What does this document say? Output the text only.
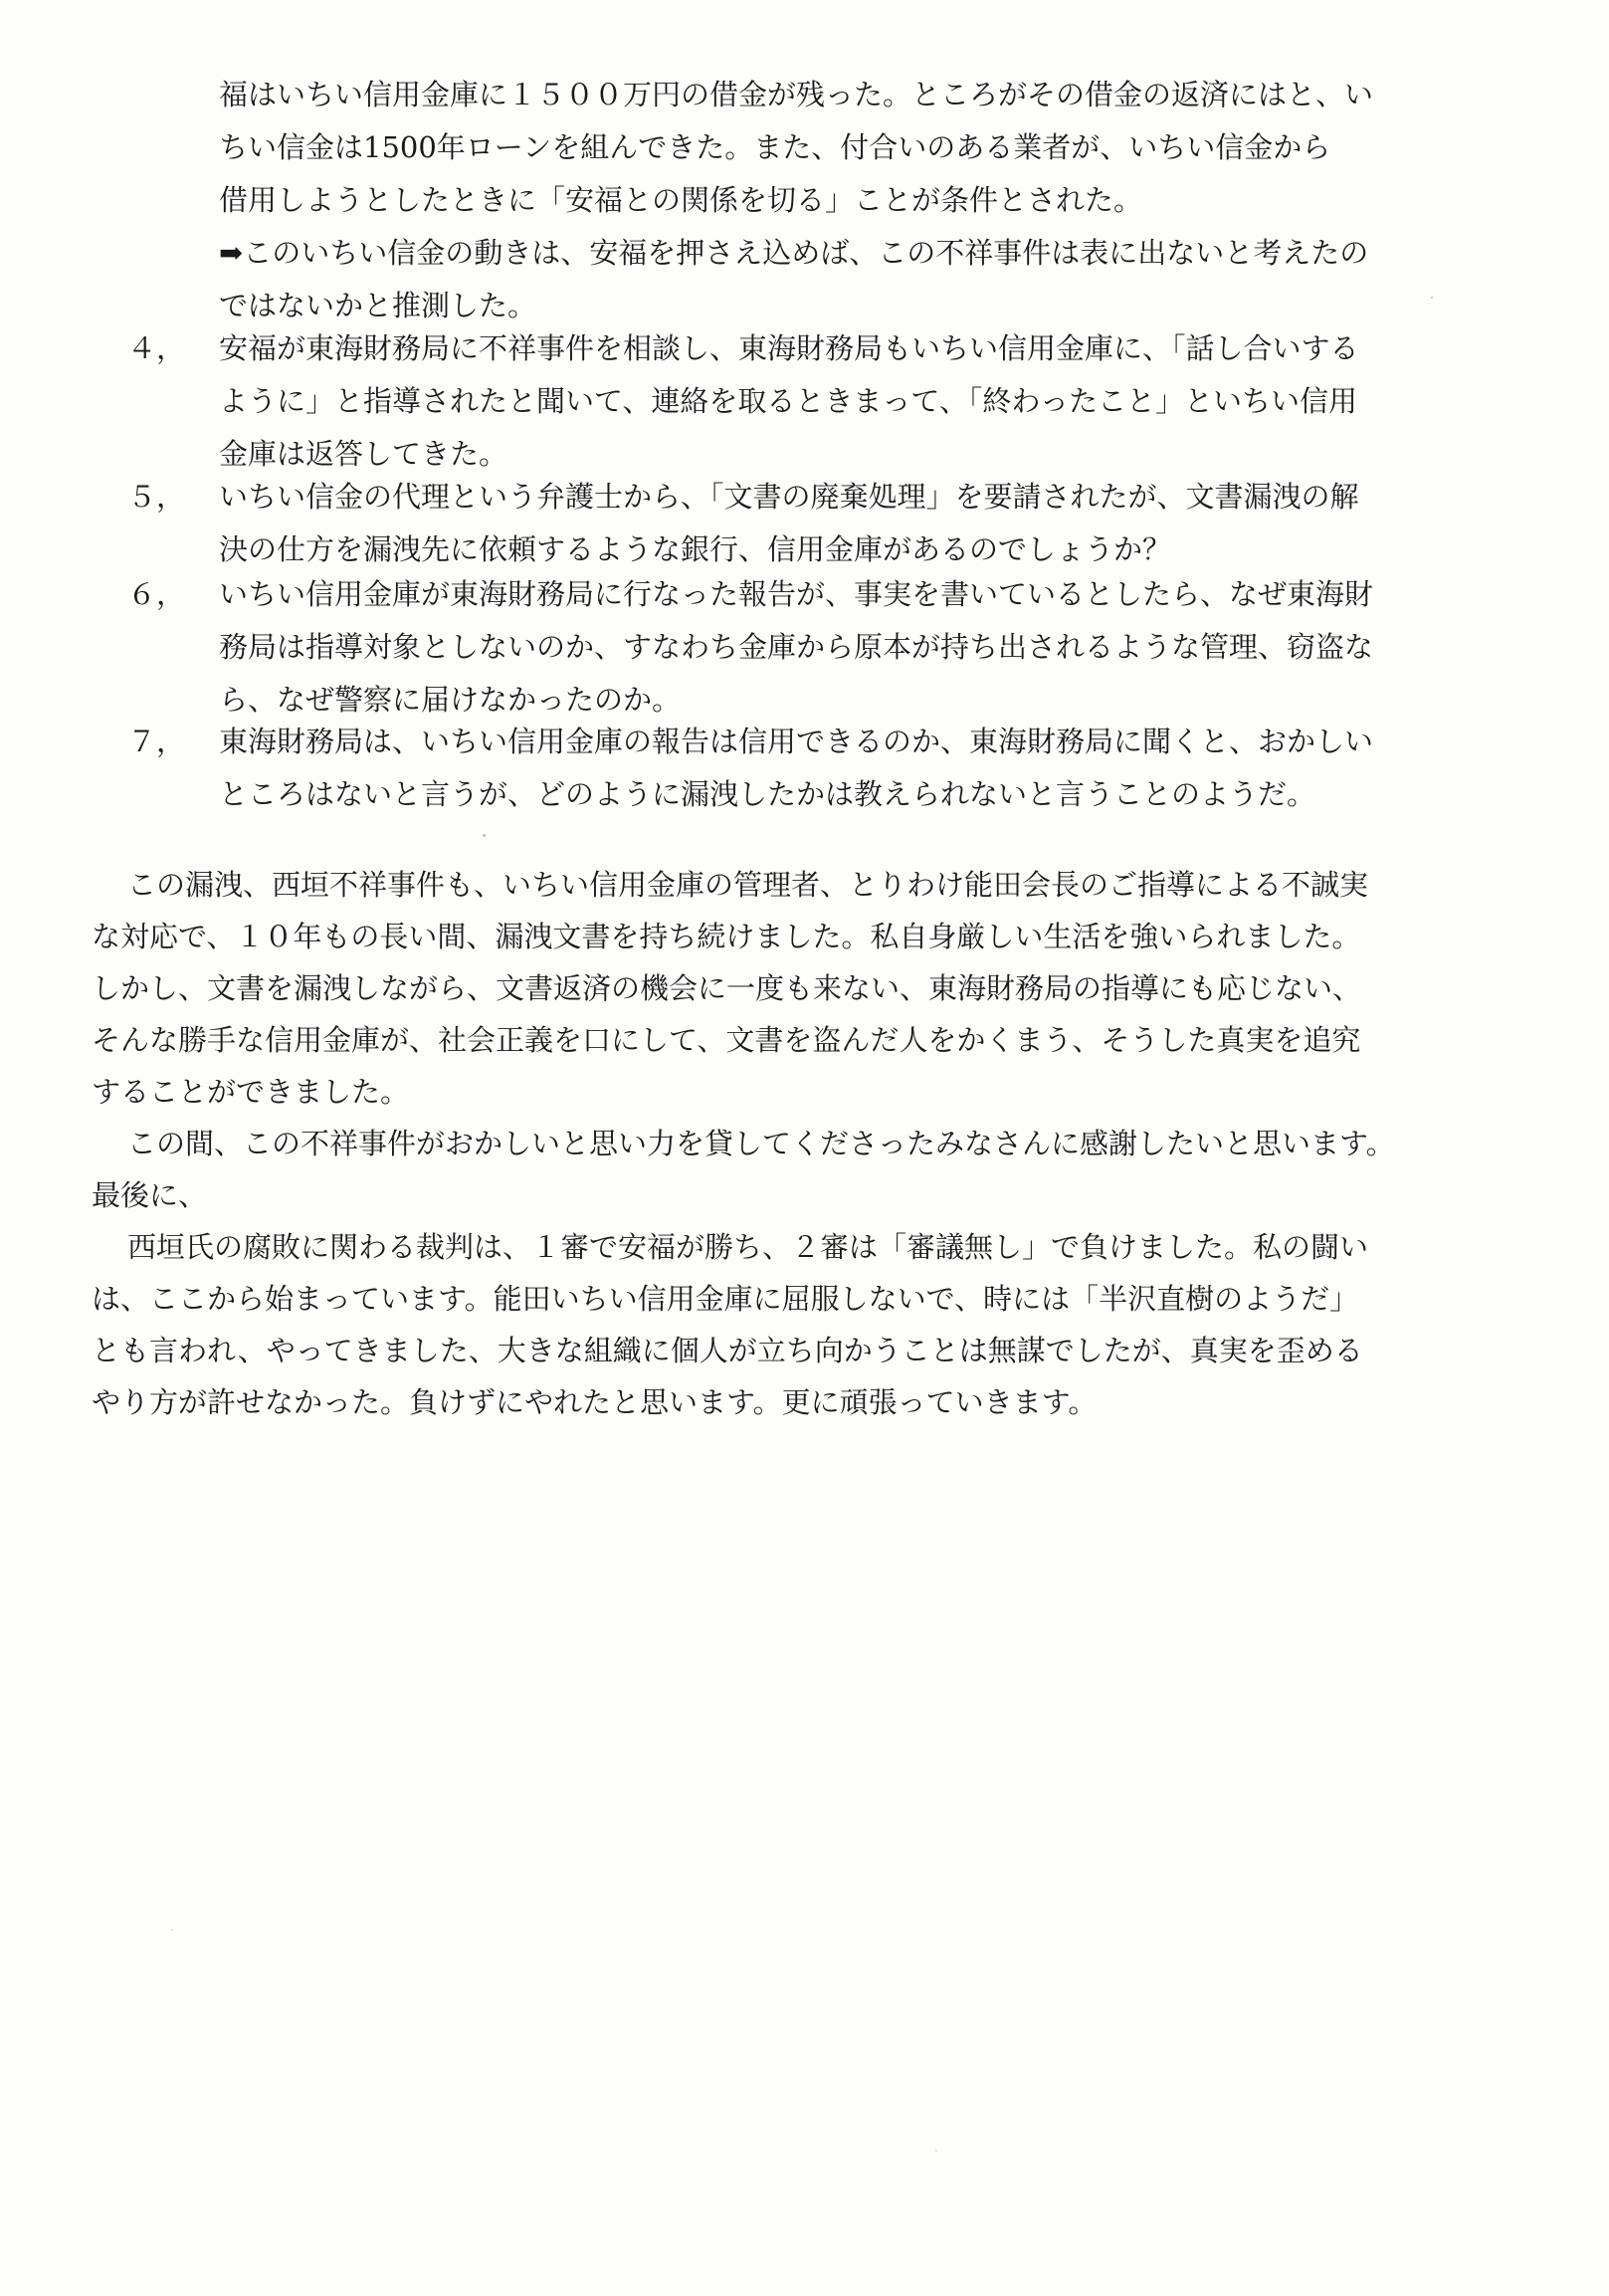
福はいちい信用金庫に１５００万円の借金が残った。ところがその借金の返済にはと、い
ちい信金は1500年ローンを組んできた。また、付合いのある業者が、いちい信金から
借用しようとしたときに「安福との関係を切る」ことが条件とされた。
➡このいちい信金の動きは、安福を押さえ込めば、この不祥事件は表に出ないと考えたの
ではないかと推測した。
４， 安福が東海財務局に不祥事件を相談し、東海財務局もいちい信用金庫に、「話し合いする
ように」と指導されたと聞いて、連絡を取るときまって、「終わったこと」といちい信用
金庫は返答してきた。
５， いちい信金の代理という弁護士から、「文書の廃棄処理」を要請されたが、文書漏洩の解
決の仕方を漏洩先に依頼するような銀行、信用金庫があるのでしょうか？
６， いちい信用金庫が東海財務局に行なった報告が、事実を書いているとしたら、なぜ東海財
務局は指導対象としないのか、すなわち金庫から原本が持ち出されるような管理、窃盗な
ら、なぜ警察に届けなかったのか。
７， 東海財務局は、いちい信用金庫の報告は信用できるのか、東海財務局に聞くと、おかしい
ところはないと言うが、どのように漏洩したかは教えられないと言うことのようだ。
この漏洩、西垣不祥事件も、いちい信用金庫の管理者、とりわけ能田会長のご指導による不誠実
な対応で、１０年もの長い間、漏洩文書を持ち続けました。私自身厳しい生活を強いられました。
しかし、文書を漏洩しながら、文書返済の機会に一度も来ない、東海財務局の指導にも応じない、
そんな勝手な信用金庫が、社会正義を口にして、文書を盗んだ人をかくまう、そうした真実を追究
することができました。
この間、この不祥事件がおかしいと思い力を貸してくださったみなさんに感謝したいと思います。
最後に、
西垣氏の腐敗に関わる裁判は、１審で安福が勝ち、２審は「審議無し」で負けました。私の闘い
は、ここから始まっています。能田いちい信用金庫に屈服しないで、時には「半沢直樹のようだ」
とも言われ、やってきました、大きな組織に個人が立ち向かうことは無謀でしたが、真実を歪める
やり方が許せなかった。負けずにやれたと思います。更に頑張っていきます。
